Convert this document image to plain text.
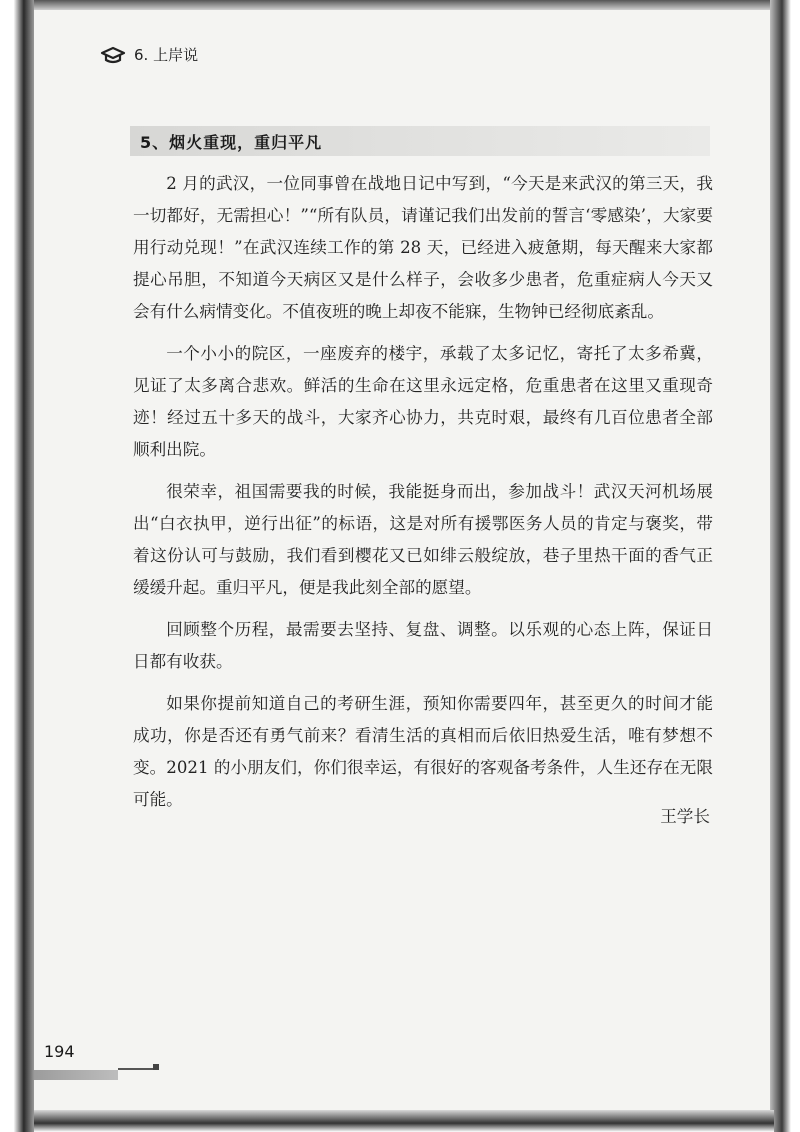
6. 上岸说
5、烟火重现，重归平凡

2 月的武汉，一位同事曾在战地日记中写到，“今天是来武汉的第三天，我一切都好，无需担心！”“所有队员，请谨记我们出发前的誓言‘零感染’，大家要用行动兑现！”在武汉连续工作的第 28 天，已经进入疲惫期，每天醒来大家都提心吊胆，不知道今天病区又是什么样子，会收多少患者，危重症病人今天又会有什么病情变化。不值夜班的晚上却夜不能寐，生物钟已经彻底紊乱。

一个小小的院区，一座废弃的楼宇，承载了太多记忆，寄托了太多希冀，见证了太多离合悲欢。鲜活的生命在这里永远定格，危重患者在这里又重现奇迹！经过五十多天的战斗，大家齐心协力，共克时艰，最终有几百位患者全部顺利出院。

很荣幸，祖国需要我的时候，我能挺身而出，参加战斗！武汉天河机场展出“白衣执甲，逆行出征”的标语，这是对所有援鄂医务人员的肯定与褒奖，带着这份认可与鼓励，我们看到樱花又已如绯云般绽放，巷子里热干面的香气正缓缓升起。重归平凡，便是我此刻全部的愿望。

回顾整个历程，最需要去坚持、复盘、调整。以乐观的心态上阵，保证日日都有收获。

如果你提前知道自己的考研生涯，预知你需要四年，甚至更久的时间才能成功，你是否还有勇气前来？看清生活的真相而后依旧热爱生活，唯有梦想不变。2021 的小朋友们，你们很幸运，有很好的客观备考条件，人生还存在无限可能。

王学长
194
